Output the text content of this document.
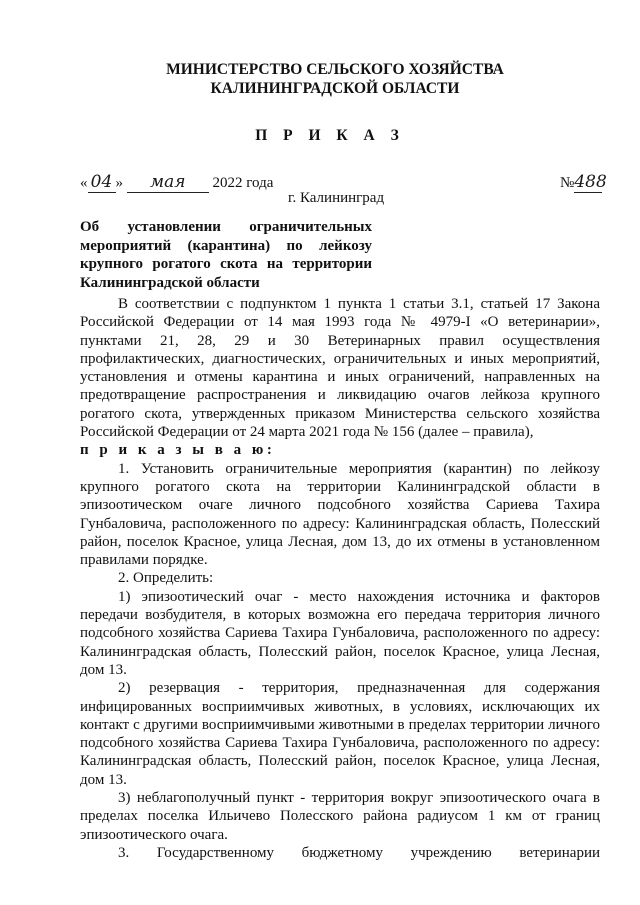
МИНИСТЕРСТВО СЕЛЬСКОГО ХОЗЯЙСТВА
КАЛИНИНГРАДСКОЙ ОБЛАСТИ
П Р И К А З
« 04 » мая 2022 года	№488
г. Калининград
Об установлении ограничительных
мероприятий (карантина) по лейкозу
крупного рогатого скота на территории
Калининградской области

В соответствии с подпунктом 1 пункта 1 статьи 3.1, статьей 17 Закона Российской Федерации от 14 мая 1993 года № 4979-I «О ветеринарии», пунктами 21, 28, 29 и 30 Ветеринарных правил осуществления профилактических, диагностических, ограничительных и иных мероприятий, установления и отмены карантина и иных ограничений, направленных на предотвращение распространения и ликвидацию очагов лейкоза крупного рогатого скота, утвержденных приказом Министерства сельского хозяйства Российской Федерации от 24 марта 2021 года № 156 (далее – правила),

п р и к а з ы в а ю:

1. Установить ограничительные мероприятия (карантин) по лейкозу крупного рогатого скота на территории Калининградской области в эпизоотическом очаге личного подсобного хозяйства Сариева Тахира Гунбаловича, расположенного по адресу: Калининградская область, Полесский район, поселок Красное, улица Лесная, дом 13, до их отмены в установленном правилами порядке.

2. Определить:

1) эпизоотический очаг - место нахождения источника и факторов передачи возбудителя, в которых возможна его передача территория личного подсобного хозяйства Сариева Тахира Гунбаловича, расположенного по адресу: Калининградская область, Полесский район, поселок Красное, улица Лесная, дом 13.

2) резервация - территория, предназначенная для содержания инфицированных восприимчивых животных, в условиях, исключающих их контакт с другими восприимчивыми животными в пределах территории личного подсобного хозяйства Сариева Тахира Гунбаловича, расположенного по адресу: Калининградская область, Полесский район, поселок Красное, улица Лесная, дом 13.

3) неблагополучный пункт - территория вокруг эпизоотического очага в пределах поселка Ильичево Полесского района радиусом 1 км от границ эпизоотического очага.

3. Государственному бюджетному учреждению ветеринарии
